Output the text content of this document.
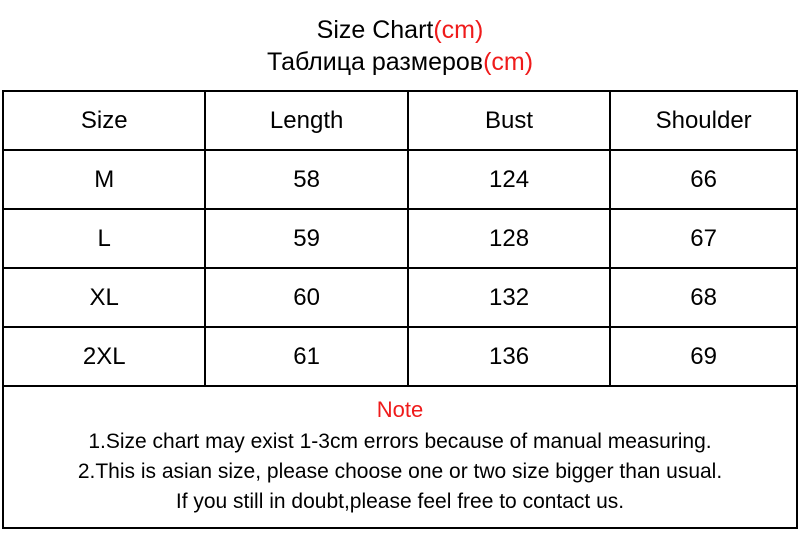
Size Chart(cm)
Таблица размеров(cm)
Size	Length	Bust	Shoulder
M	58	124	66
L	59	128	67
XL	60	132	68
2XL	61	136	69
Note
1.Size chart may exist 1-3cm errors because of manual measuring.
2.This is asian size, please choose one or two size bigger than usual.
If you still in doubt,please feel free to contact us.
